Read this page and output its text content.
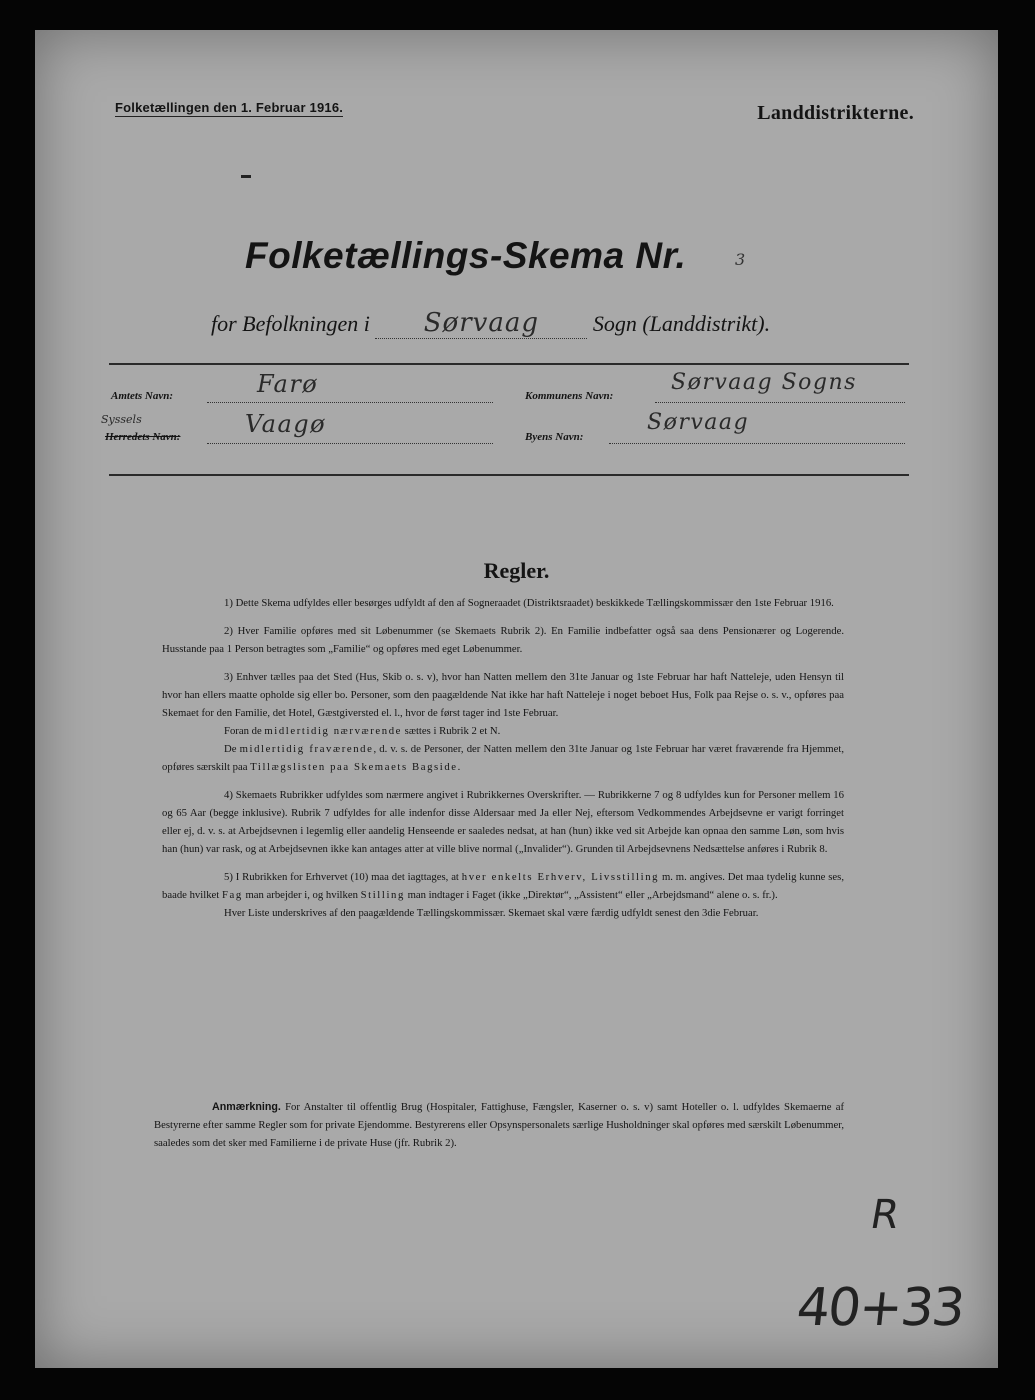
Folketællingen den 1. Februar 1916.	Landdistrikterne.
Folketællings-Skema Nr.	3
for Befolkningen i Sørvaag Sogn (Landdistrikt).
Amtets Navn:	Farø	Kommunens Navn:
Sørvaag Sogns
Syssels
Herredets Navn:	Vaagø	Byens Navn:
Sørvaag
Regler.

1) Dette Skema udfyldes eller besørges udfyldt af den af Sogneraadet (Distriktsraadet) beskikkede Tællingskommissær den 1ste Februar 1916.

2) Hver Familie opføres med sit Løbenummer (se Skemaets Rubrik 2). En Familie indbefatter også saa dens Pensionærer og Logerende. Husstande paa 1 Person betragtes som „Familie“ og opføres med eget Løbenummer.

3) Enhver tælles paa det Sted (Hus, Skib o. s. v), hvor han Natten mellem den 31te Januar og 1ste Februar har haft Natteleje, uden Hensyn til hvor han ellers maatte opholde sig eller bo. Personer, som den paagældende Nat ikke har haft Natteleje i noget beboet Hus, Folk paa Rejse o. s. v., opføres paa Skemaet for den Familie, det Hotel, Gæstgiversted el. l., hvor de først tager ind 1ste Februar.

Foran de midlertidig nærværende sættes i Rubrik 2 et N.

De midlertidig fraværende, d. v. s. de Personer, der Natten mellem den 31te Januar og 1ste Februar har været fraværende fra Hjemmet, opføres særskilt paa Tillægslisten paa Skemaets Bagside.

4) Skemaets Rubrikker udfyldes som nærmere angivet i Rubrikkernes Overskrifter. — Rubrikkerne 7 og 8 udfyldes kun for Personer mellem 16 og 65 Aar (begge inklusive). Rubrik 7 udfyldes for alle indenfor disse Aldersaar med Ja eller Nej, eftersom Vedkommendes Arbejdsevne er varigt forringet eller ej, d. v. s. at Arbejdsevnen i legemlig eller aandelig Henseende er saaledes nedsat, at han (hun) ikke ved sit Arbejde kan opnaa den samme Løn, som hvis han (hun) var rask, og at Arbejdsevnen ikke kan antages atter at ville blive normal („Invalider“). Grunden til Arbejdsevnens Nedsættelse anføres i Rubrik 8.

5) I Rubrikken for Erhvervet (10) maa det iagttages, at hver enkelts Erhverv, Livsstilling m. m. angives. Det maa tydelig kunne ses, baade hvilket Fag man arbejder i, og hvilken Stilling man indtager i Faget (ikke „Direktør“, „Assistent“ eller „Arbejdsmand“ alene o. s. fr.).

Hver Liste underskrives af den paagældende Tællingskommissær. Skemaet skal være færdig udfyldt senest den 3die Februar.

Anmærkning. For Anstalter til offentlig Brug (Hospitaler, Fattighuse, Fængsler, Kaserner o. s. v) samt Hoteller o. l. udfyldes Skemaerne af Bestyrerne efter samme Regler som for private Ejendomme. Bestyrerens eller Opsynspersonalets særlige Husholdninger skal opføres med særskilt Løbenummer, saaledes som det sker med Familierne i de private Huse (jfr. Rubrik 2).

R
40+33
